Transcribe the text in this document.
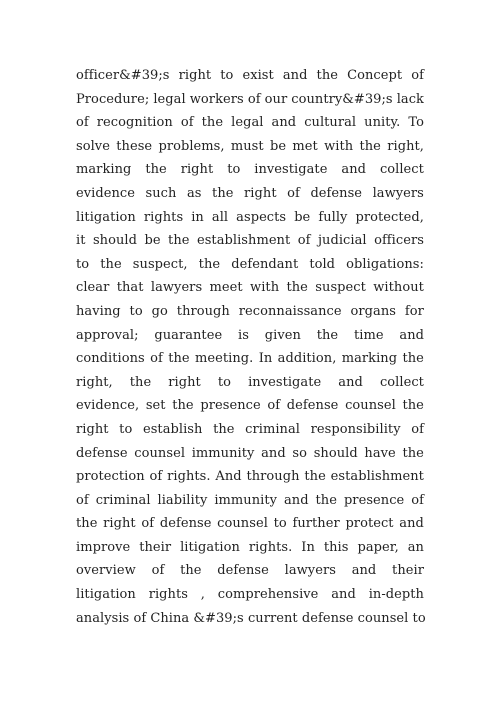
officer&#39;s right to exist and the Concept of
Procedure; legal workers of our country&#39;s lack
of recognition of the legal and cultural unity. To
solve these problems, must be met with the right,
marking the right to investigate and collect
evidence such as the right of defense lawyers
litigation rights in all aspects be fully protected,
it should be the establishment of judicial officers
to the suspect, the defendant told obligations:
clear that lawyers meet with the suspect without
having to go through reconnaissance organs for
approval; guarantee is given the time and
conditions of the meeting. In addition, marking the
right, the right to investigate and collect
evidence, set the presence of defense counsel the
right to establish the criminal responsibility of
defense counsel immunity and so should have the
protection of rights. And through the establishment
of criminal liability immunity and the presence of
the right of defense counsel to further protect and
improve their litigation rights. In this paper, an
overview of the defense lawyers and their
litigation rights , comprehensive and in-depth
analysis of China &#39;s current defense counsel to
